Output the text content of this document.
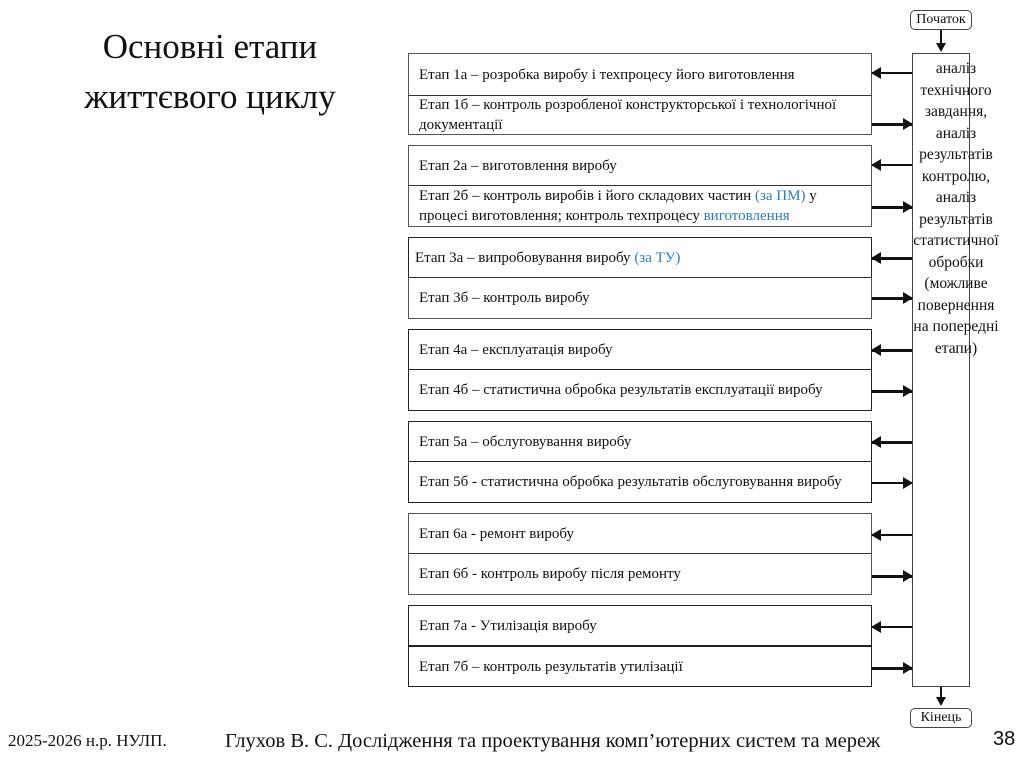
Основні етапи
життєвого циклу
Початок
Етап 1а – розробка виробу і техпроцесу його виготовлення
Етап 1б – контроль розробленої конструкторської і технологічної документації
Етап 2а – виготовлення виробу
Етап 2б – контроль виробів і його складових частин (за ПМ) у процесі виготовлення; контроль техпроцесу виготовлення
Етап 3а – випробовування виробу (за ТУ)
Етап 3б – контроль виробу
Етап 4а – експлуатація виробу
Етап 4б – статистична обробка результатів експлуатації виробу
Етап 5а – обслуговування виробу
Етап 5б - статистична обробка результатів обслуговування виробу
Етап 6а - ремонт виробу
Етап 6б - контроль виробу після ремонту
Етап 7а - Утилізація виробу
Етап 7б – контроль результатів утилізації
аналіз
технічного
завдання,
аналіз
результатів
контролю,
аналіз
результатів
статистичної
обробки
(можливе
повернення
на попередні
етапи)
Кінець
2025-2026 н.р. НУЛП.	Глухов В. С. Дослідження та проектування комп’ютерних систем та мереж	38
